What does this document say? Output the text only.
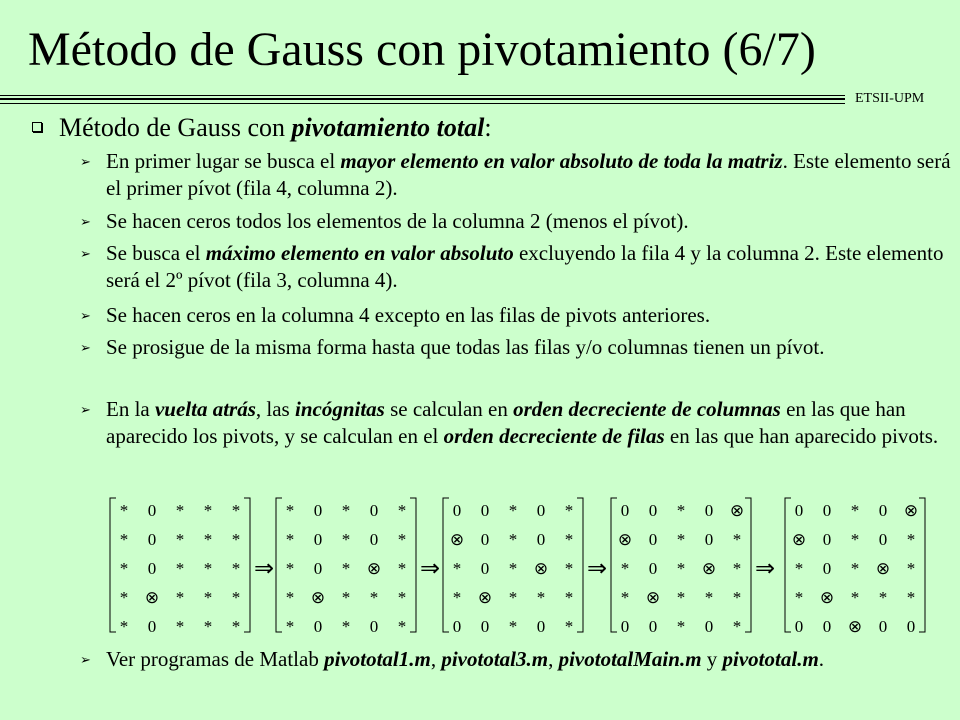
Método de Gauss con pivotamiento (6/7)
ETSII-UPM
Método de Gauss con pivotamiento total:
➢ En primer lugar se busca el mayor elemento en valor absoluto de toda la matriz. Este elemento será el primer pívot (fila 4, columna 2).
➢ Se hacen ceros todos los elementos de la columna 2 (menos el pívot).
➢ Se busca el máximo elemento en valor absoluto excluyendo la fila 4 y la columna 2. Este elemento será el 2º pívot (fila 3, columna 4).
➢ Se hacen ceros en la columna 4 excepto en las filas de pivots anteriores.
➢ Se prosigue de la misma forma hasta que todas las filas y/o columnas tienen un pívot.
➢ En la vuelta atrás, las incógnitas se calculan en orden decreciente de columnas en las que han aparecido los pivots, y se calculan en el orden decreciente de filas en las que han aparecido pivots.
* 0 * * *
* 0 * * *
* 0 * * *
* ⊗ * * *
* 0 * * *
⇒
* 0 * 0 *
* 0 * 0 *
* 0 * ⊗ *
* ⊗ * * *
* 0 * 0 *
⇒
0 0 * 0 *
⊗ 0 * 0 *
* 0 * ⊗ *
* ⊗ * * *
0 0 * 0 *
⇒
0 0 * 0 ⊗
⊗ 0 * 0 *
* 0 * ⊗ *
* ⊗ * * *
0 0 * 0 *
⇒
0 0 * 0 ⊗
⊗ 0 * 0 *
* 0 * ⊗ *
* ⊗ * * *
0 0 ⊗ 0 0
➢ Ver programas de Matlab pivototal1.m, pivototal3.m, pivototalMain.m y pivototal.m.
